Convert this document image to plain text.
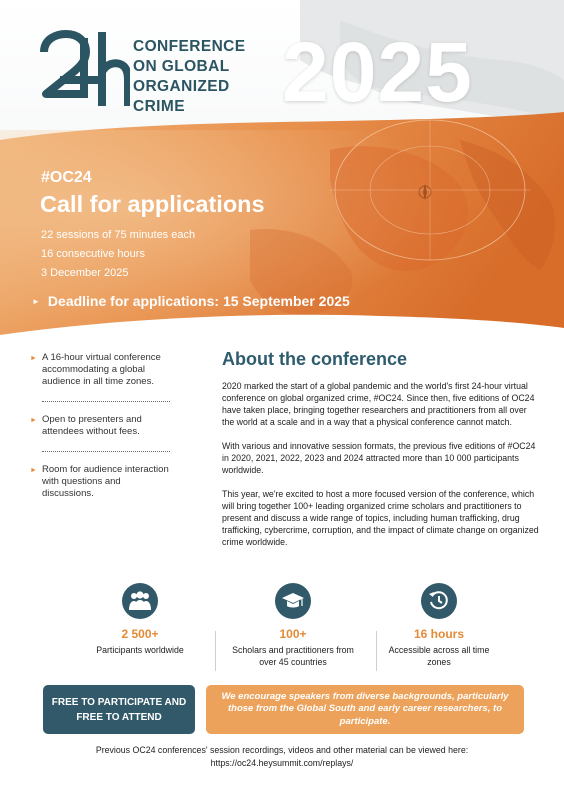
CONFERENCE
ON GLOBAL
ORGANIZED
CRIME	2025
#OC24
Call for applications
22 sessions of 75 minutes each
16 consecutive hours
3 December 2025
► Deadline for applications: 15 September 2025
► A 16-hour virtual conference accommodating a global audience in all time zones.
► Open to presenters and attendees without fees.
► Room for audience interaction with questions and discussions.
About the conference

2020 marked the start of a global pandemic and the world's first 24-hour virtual conference on global organized crime, #OC24. Since then, five editions of OC24 have taken place, bringing together researchers and practitioners from all over the world at a scale and in a way that a physical conference cannot match.

With various and innovative session formats, the previous five editions of #OC24 in 2020, 2021, 2022, 2023 and 2024 attracted more than 10 000 participants worldwide.

This year, we're excited to host a more focused version of the conference, which will bring together 100+ leading organized crime scholars and practitioners to present and discuss a wide range of topics, including human trafficking, drug trafficking, cybercrime, corruption, and the impact of climate change on organized crime worldwide.

2 500+
Participants worldwide
100+
Scholars and practitioners from over 45 countries
16 hours
Accessible across all time zones
FREE TO PARTICIPATE AND FREE TO ATTEND
We encourage speakers from diverse backgrounds, particularly those from the Global South and early career researchers, to participate.
Previous OC24 conferences' session recordings, videos and other material can be viewed here:
https://oc24.heysummit.com/replays/
